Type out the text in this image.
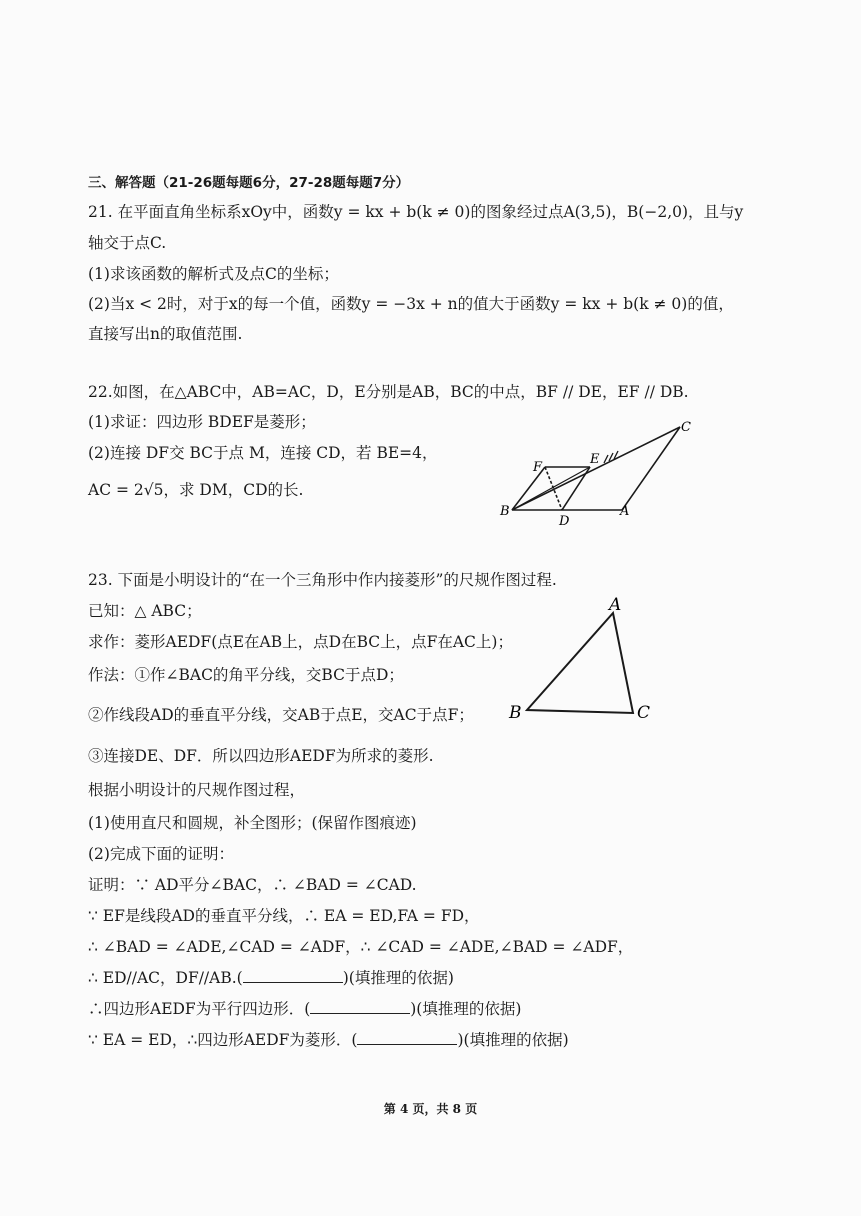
三、解答题（21-26题每题6分，27-28题每题7分）
21. 在平面直角坐标系xOy中，函数y = kx + b(k ≠ 0)的图象经过点A(3,5)，B(−2,0)，且与y
轴交于点C.
(1)求该函数的解析式及点C的坐标；
(2)当x < 2时，对于x的每一个值，函数y = −3x + n的值大于函数y = kx + b(k ≠ 0)的值，
直接写出n的取值范围.
22.如图，在△ABC中，AB=AC，D，E分别是AB，BC的中点，BF // DE，EF // DB.
(1)求证：四边形 BDEF是菱形；
(2)连接 DF交 BC于点 M，连接 CD，若 BE=4，
AC = 2√5，求 DM，CD的长.
B
D
A
C
E
F
23. 下面是小明设计的“在一个三角形中作内接菱形”的尺规作图过程.
已知：△ ABC；
求作：菱形AEDF(点E在AB上，点D在BC上，点F在AC上)；
作法：①作∠BAC的角平分线，交BC于点D；
②作线段AD的垂直平分线，交AB于点E，交AC于点F；
③连接DE、DF．所以四边形AEDF为所求的菱形.
根据小明设计的尺规作图过程，
(1)使用直尺和圆规，补全图形；(保留作图痕迹)
(2)完成下面的证明：
证明：∵ AD平分∠BAC，∴ ∠BAD = ∠CAD.
∵ EF是线段AD的垂直平分线，∴ EA = ED,FA = FD，
∴ ∠BAD = ∠ADE,∠CAD = ∠ADF，∴ ∠CAD = ∠ADE,∠BAD = ∠ADF，
∴ ED//AC，DF//AB.(	)(填推理的依据)
∴四边形AEDF为平行四边形．(	)(填推理的依据)
∵ EA = ED，∴四边形AEDF为菱形．(	)(填推理的依据)
A
B	C
第 4 页，共 8 页
